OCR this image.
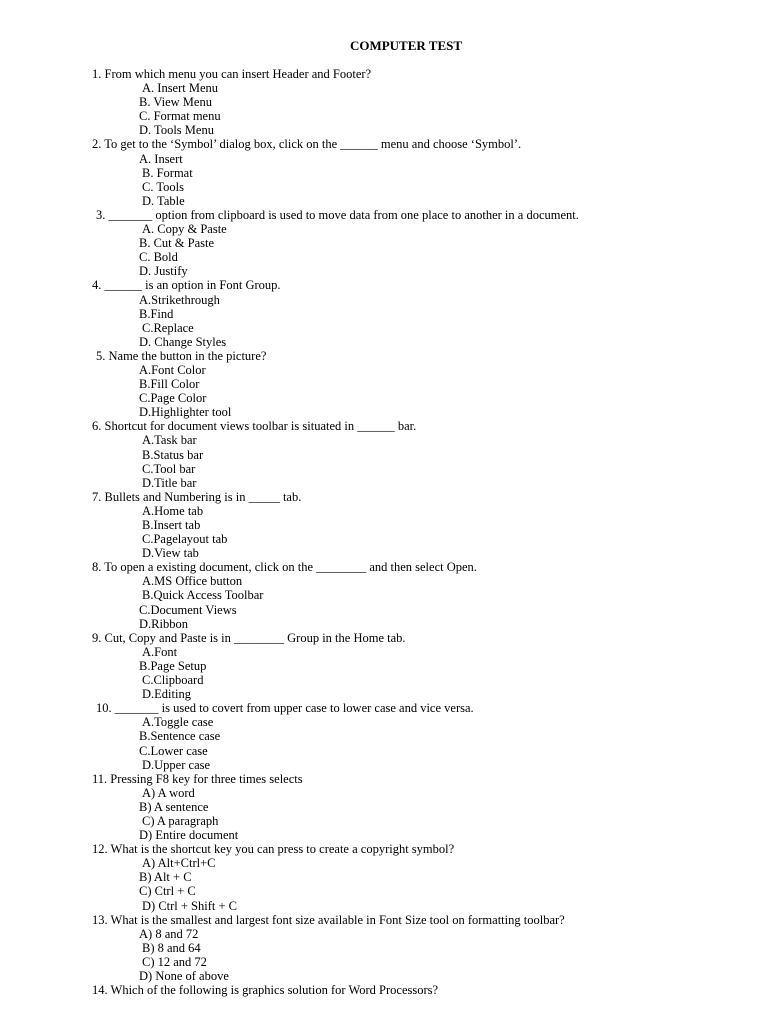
COMPUTER TEST
1. From which menu you can insert Header and Footer?
A. Insert Menu
B. View Menu
C. Format menu
D. Tools Menu
2. To get to the ‘Symbol’ dialog box, click on the ______ menu and choose ‘Symbol’.
A. Insert
B. Format
C. Tools
D. Table
3. _______ option from clipboard is used to move data from one place to another in a document.
A. Copy & Paste
B. Cut & Paste
C. Bold
D. Justify
4. ______ is an option in Font Group.
A.Strikethrough
B.Find
C.Replace
D. Change Styles
5. Name the button in the picture?
A.Font Color
B.Fill Color
C.Page Color
D.Highlighter tool
6. Shortcut for document views toolbar is situated in ______ bar.
A.Task bar
B.Status bar
C.Tool bar
D.Title bar
7. Bullets and Numbering is in _____ tab.
A.Home tab
B.Insert tab
C.Pagelayout tab
D.View tab
8. To open a existing document, click on the ________ and then select Open.
A.MS Office button
B.Quick Access Toolbar
C.Document Views
D.Ribbon
9. Cut, Copy and Paste is in ________ Group in the Home tab.
A.Font
B.Page Setup
C.Clipboard
D.Editing
10. _______ is used to covert from upper case to lower case and vice versa.
A.Toggle case
B.Sentence case
C.Lower case
D.Upper case
11. Pressing F8 key for three times selects
A) A word
B) A sentence
C) A paragraph
D) Entire document
12. What is the shortcut key you can press to create a copyright symbol?
A) Alt+Ctrl+C
B) Alt + C
C) Ctrl + C
D) Ctrl + Shift + C
13. What is the smallest and largest font size available in Font Size tool on formatting toolbar?
A) 8 and 72
B) 8 and 64
C) 12 and 72
D) None of above
14. Which of the following is graphics solution for Word Processors?
